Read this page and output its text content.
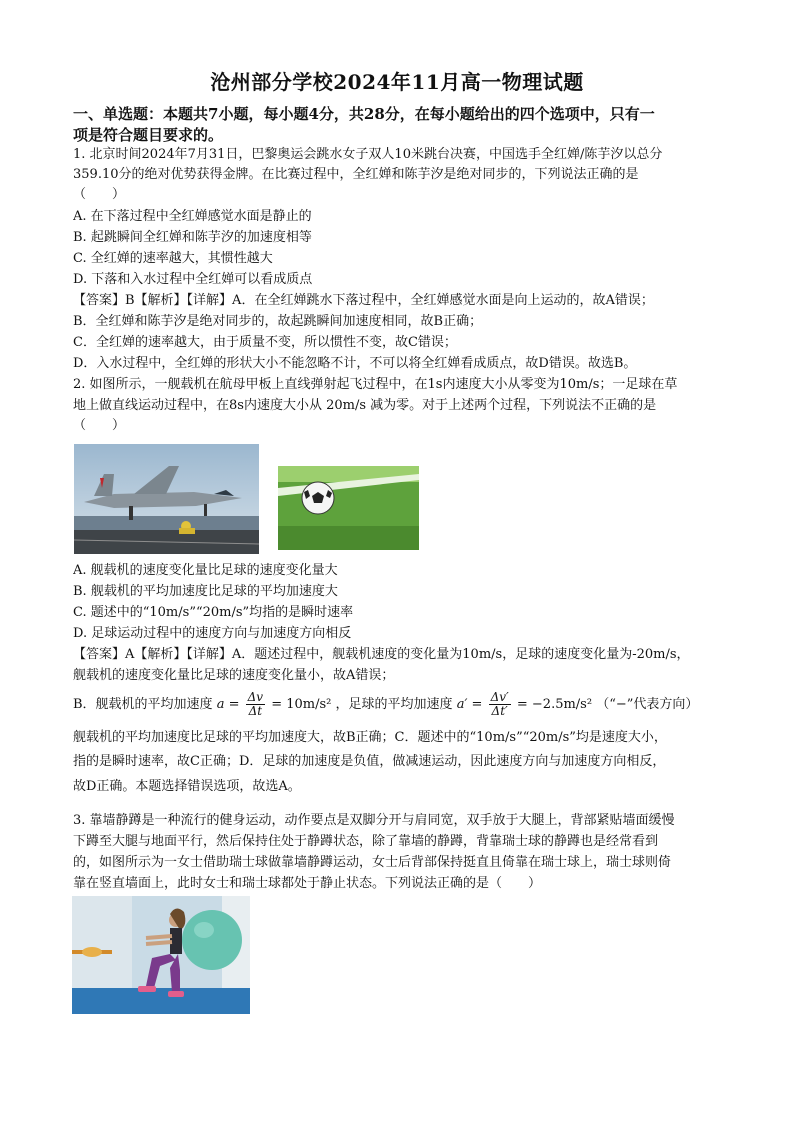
沧州部分学校2024年11月高一物理试题
一、单选题：本题共7小题，每小题4分，共28分，在每小题给出的四个选项中，只有一
项是符合题目要求的。
1. 北京时间2024年7月31日，巴黎奥运会跳水女子双人10米跳台决赛，中国选手全红婵/陈芋汐以总分
359.10分的绝对优势获得金牌。在比赛过程中，全红婵和陈芋汐是绝对同步的，下列说法正确的是
（　　）
A. 在下落过程中全红婵感觉水面是静止的
B. 起跳瞬间全红婵和陈芋汐的加速度相等
C. 全红婵的速率越大，其惯性越大
D. 下落和入水过程中全红婵可以看成质点
【答案】B【解析】【详解】A．在全红婵跳水下落过程中，全红婵感觉水面是向上运动的，故A错误；
B．全红婵和陈芋汐是绝对同步的，故起跳瞬间加速度相同，故B正确；
C．全红婵的速率越大，由于质量不变，所以惯性不变，故C错误；
D．入水过程中，全红婵的形状大小不能忽略不计，不可以将全红婵看成质点，故D错误。故选B。
2. 如图所示，一舰载机在航母甲板上直线弹射起飞过程中，在1s内速度大小从零变为10m/s；一足球在草
地上做直线运动过程中，在8s内速度大小从 20m/s 减为零。对于上述两个过程，下列说法不正确的是
（　　）
A. 舰载机的速度变化量比足球的速度变化量大
B. 舰载机的平均加速度比足球的平均加速度大
C. 题述中的“10m/s”“20m/s”均指的是瞬时速率
D. 足球运动过程中的速度方向与加速度方向相反
【答案】A【解析】【详解】A．题述过程中，舰载机速度的变化量为10m/s，足球的速度变化量为-20m/s，
舰载机的速度变化量比足球的速度变化量小，故A错误；
B．舰载机的平均加速度 $a = \frac{\Delta v}{\Delta t} = 10m/s^2$ ，足球的平均加速度 $a' = \frac{\Delta v'}{\Delta t'} = -2.5m/s^2$ （“−”代表方向）
舰载机的平均加速度比足球的平均加速度大，故B正确；C．题述中的“10m/s”“20m/s”均是速度大小，
指的是瞬时速率，故C正确；D．足球的加速度是负值，做减速运动，因此速度方向与加速度方向相反，
故D正确。本题选择错误选项，故选A。
3. 靠墙静蹲是一种流行的健身运动，动作要点是双脚分开与肩同宽，双手放于大腿上，背部紧贴墙面缓慢
下蹲至大腿与地面平行，然后保持住处于静蹲状态，除了靠墙的静蹲，背靠瑞士球的静蹲也是经常看到
的，如图所示为一女士借助瑞士球做靠墙静蹲运动，女士后背部保持挺直且倚靠在瑞士球上，瑞士球则倚
靠在竖直墙面上，此时女士和瑞士球都处于静止状态。下列说法正确的是（　　）
